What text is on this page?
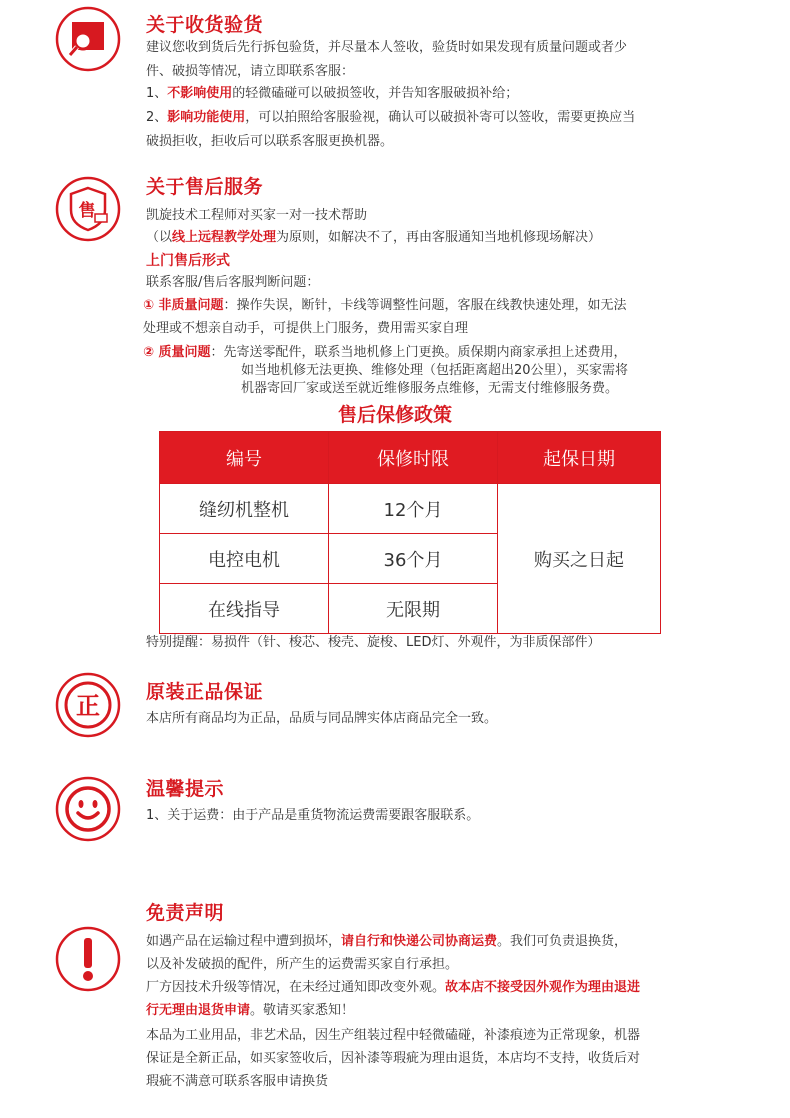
关于收货验货
建议您收到货后先行拆包验货，并尽量本人签收，验货时如果发现有质量问题或者少
件、破损等情况，请立即联系客服：
1、不影响使用的轻微磕碰可以破损签收，并告知客服破损补给；
2、影响功能使用，可以拍照给客服验视，确认可以破损补寄可以签收，需要更换应当
破损拒收，拒收后可以联系客服更换机器。
售
关于售后服务
凯旋技术工程师对买家一对一技术帮助
（以线上远程教学处理为原则，如解决不了，再由客服通知当地机修现场解决）
上门售后形式
联系客服/售后客服判断问题：
① 非质量问题：操作失误，断针，卡线等调整性问题，客服在线教快速处理，如无法
处理或不想亲自动手，可提供上门服务，费用需买家自理
② 质量问题：先寄送零配件，联系当地机修上门更换。质保期内商家承担上述费用，
如当地机修无法更换、维修处理（包括距离超出20公里），买家需将
机器寄回厂家或送至就近维修服务点维修，无需支付维修服务费。
售后保修政策
编号	保修时限	起保日期
缝纫机整机	12个月	购买之日起
电控电机	36个月	
在线指导	无限期	
特别提醒：易损件（针、梭芯、梭壳、旋梭、LED灯、外观件，为非质保部件）
正 原装正品保证
本店所有商品均为正品，品质与同品牌实体店商品完全一致。
温馨提示
1、关于运费：由于产品是重货物流运费需要跟客服联系。
免责声明
如遇产品在运输过程中遭到损坏，请自行和快递公司协商运费。我们可负责退换货，
以及补发破损的配件，所产生的运费需买家自行承担。
厂方因技术升级等情况，在未经过通知即改变外观。故本店不接受因外观作为理由退进
行无理由退货申请。敬请买家悉知！
本品为工业用品，非艺术品，因生产组装过程中轻微磕碰，补漆痕迹为正常现象，机器
保证是全新正品，如买家签收后，因补漆等瑕疵为理由退货，本店均不支持，收货后对
瑕疵不满意可联系客服申请换货
